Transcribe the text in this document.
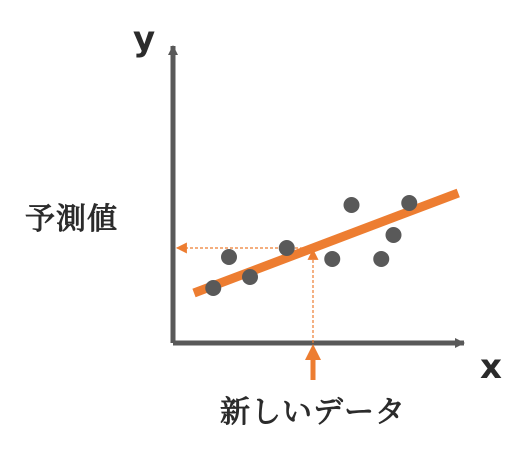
y
x
予測値
新しいデータ
